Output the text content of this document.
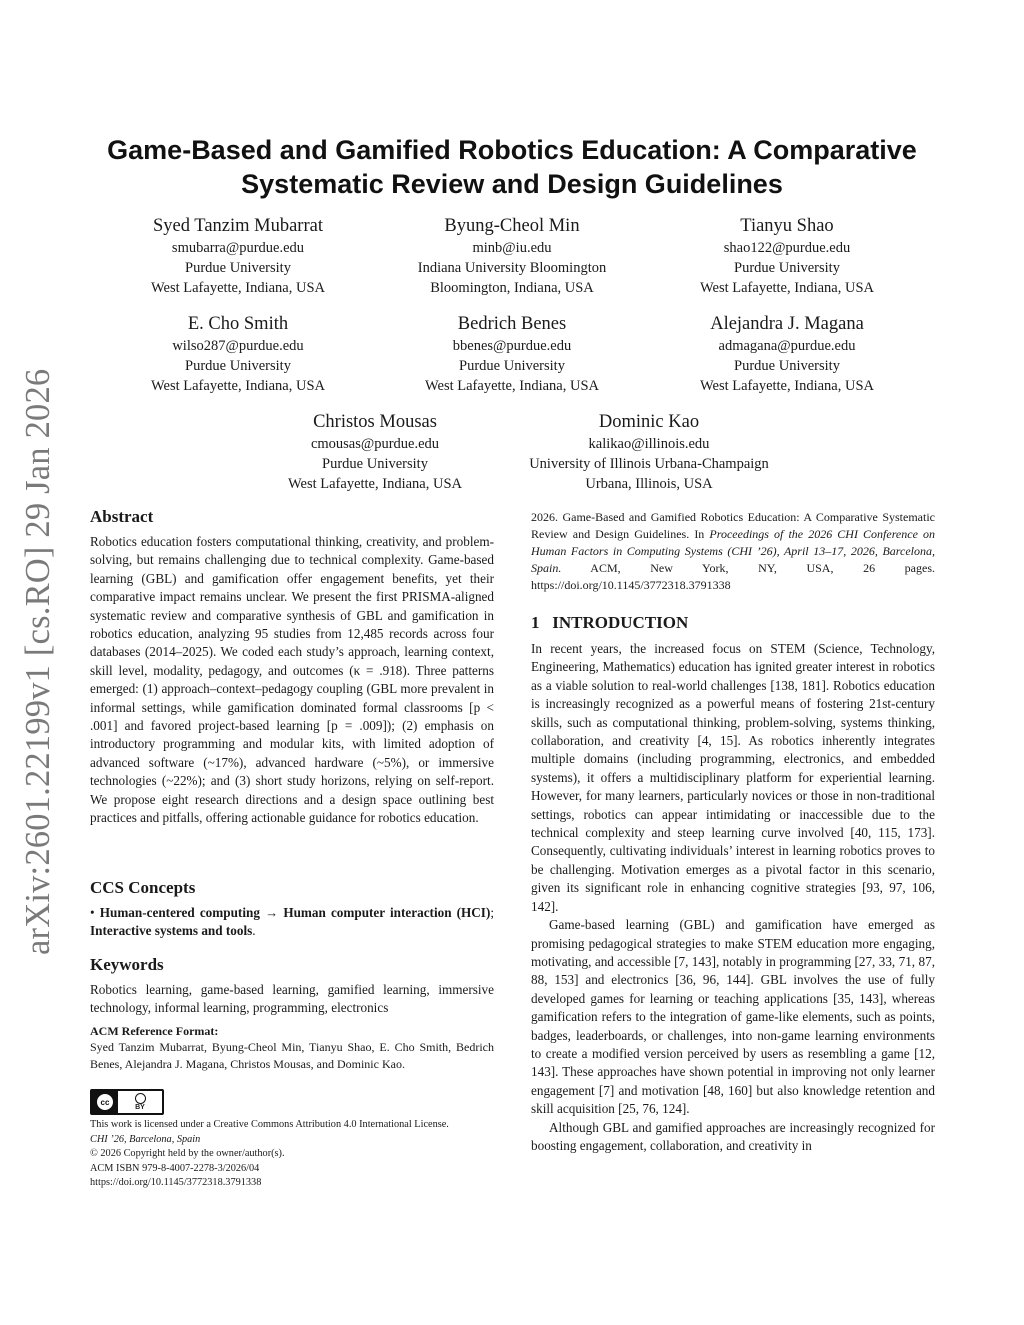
arXiv:2601.22199v1 [cs.RO] 29 Jan 2026
Game-Based and Gamified Robotics Education: A Comparative Systematic Review and Design Guidelines
Syed Tanzim Mubarrat
smubarra@purdue.edu
Purdue University
West Lafayette, Indiana, USA
Byung-Cheol Min
minb@iu.edu
Indiana University Bloomington
Bloomington, Indiana, USA
Tianyu Shao
shao122@purdue.edu
Purdue University
West Lafayette, Indiana, USA
E. Cho Smith
wilso287@purdue.edu
Purdue University
West Lafayette, Indiana, USA
Bedrich Benes
bbenes@purdue.edu
Purdue University
West Lafayette, Indiana, USA
Alejandra J. Magana
admagana@purdue.edu
Purdue University
West Lafayette, Indiana, USA
Christos Mousas
cmousas@purdue.edu
Purdue University
West Lafayette, Indiana, USA
Dominic Kao
kalikao@illinois.edu
University of Illinois Urbana-Champaign
Urbana, Illinois, USA
Abstract
Robotics education fosters computational thinking, creativity, and problem-solving, but remains challenging due to technical complexity. Game-based learning (GBL) and gamification offer engagement benefits, yet their comparative impact remains unclear. We present the first PRISMA-aligned systematic review and comparative synthesis of GBL and gamification in robotics education, analyzing 95 studies from 12,485 records across four databases (2014–2025). We coded each study’s approach, learning context, skill level, modality, pedagogy, and outcomes (κ = .918). Three patterns emerged: (1) approach–context–pedagogy coupling (GBL more prevalent in informal settings, while gamification dominated formal classrooms [p < .001] and favored project-based learning [p = .009]); (2) emphasis on introductory programming and modular kits, with limited adoption of advanced software (~17%), advanced hardware (~5%), or immersive technologies (~22%); and (3) short study horizons, relying on self-report. We propose eight research directions and a design space outlining best practices and pitfalls, offering actionable guidance for robotics education.
CCS Concepts
• Human-centered computing → Human computer interaction (HCI); Interactive systems and tools.
Keywords
Robotics learning, game-based learning, gamified learning, immersive technology, informal learning, programming, electronics
ACM Reference Format:
Syed Tanzim Mubarrat, Byung-Cheol Min, Tianyu Shao, E. Cho Smith, Bedrich Benes, Alejandra J. Magana, Christos Mousas, and Dominic Kao.
cc
BY
This work is licensed under a Creative Commons Attribution 4.0 International License.
CHI ’26, Barcelona, Spain
© 2026 Copyright held by the owner/author(s).
ACM ISBN 979-8-4007-2278-3/2026/04
https://doi.org/10.1145/3772318.3791338
2026. Game-Based and Gamified Robotics Education: A Comparative Systematic Review and Design Guidelines. In Proceedings of the 2026 CHI Conference on Human Factors in Computing Systems (CHI ’26), April 13–17, 2026, Barcelona, Spain. ACM, New York, NY, USA, 26 pages. https://doi.org/10.1145/3772318.3791338
1   INTRODUCTION
In recent years, the increased focus on STEM (Science, Technology, Engineering, Mathematics) education has ignited greater interest in robotics as a viable solution to real-world challenges [138, 181]. Robotics education is increasingly recognized as a powerful means of fostering 21st-century skills, such as computational thinking, problem-solving, systems thinking, collaboration, and creativity [4, 15]. As robotics inherently integrates multiple domains (including programming, electronics, and embedded systems), it offers a multidisciplinary platform for experiential learning. However, for many learners, particularly novices or those in non-traditional settings, robotics can appear intimidating or inaccessible due to the technical complexity and steep learning curve involved [40, 115, 173]. Consequently, cultivating individuals’ interest in learning robotics proves to be challenging. Motivation emerges as a pivotal factor in this scenario, given its significant role in enhancing cognitive strategies [93, 97, 106, 142].
Game-based learning (GBL) and gamification have emerged as promising pedagogical strategies to make STEM education more engaging, motivating, and accessible [7, 143], notably in programming [27, 33, 71, 87, 88, 153] and electronics [36, 96, 144]. GBL involves the use of fully developed games for learning or teaching applications [35, 143], whereas gamification refers to the integration of game-like elements, such as points, badges, leaderboards, or challenges, into non-game learning environments to create a modified version perceived by users as resembling a game [12, 143]. These approaches have shown potential in improving not only learner engagement [7] and motivation [48, 160] but also knowledge retention and skill acquisition [25, 76, 124].
Although GBL and gamified approaches are increasingly recognized for boosting engagement, collaboration, and creativity in
